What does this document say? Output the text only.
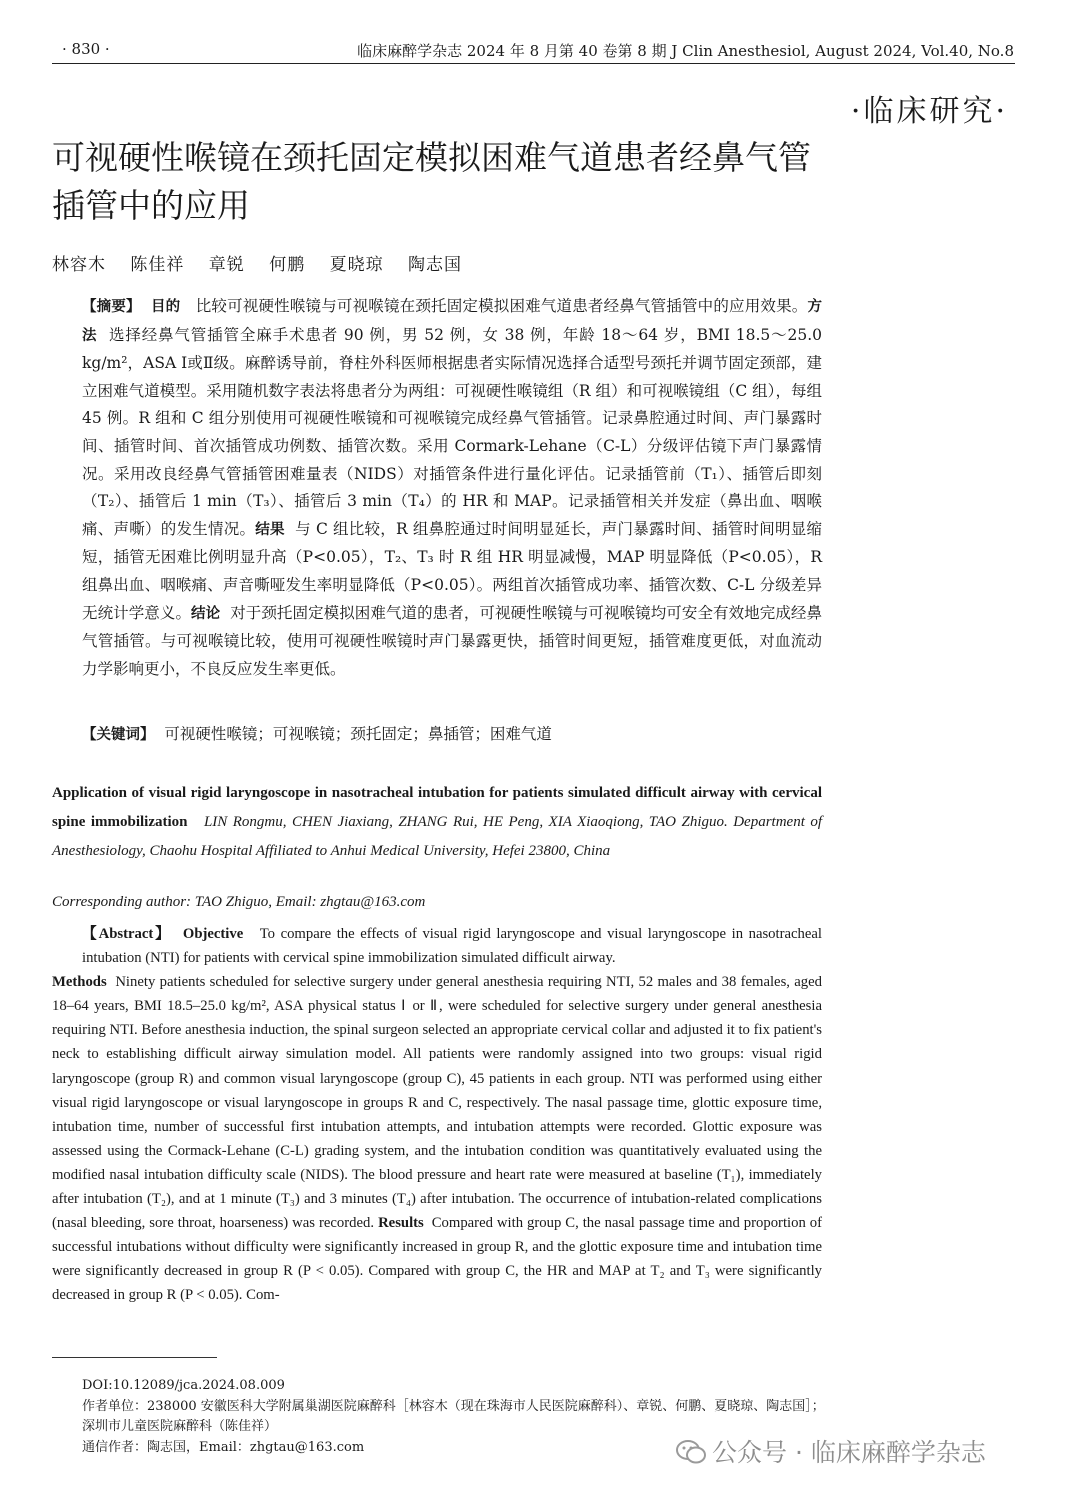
· 830 ·	临床麻醉学杂志 2024 年 8 月第 40 卷第 8 期 J Clin Anesthesiol, August 2024, Vol.40, No.8
·临床研究·
可视硬性喉镜在颈托固定模拟困难气道患者经鼻气管插管中的应用
林容木 陈佳祥 章锐 何鹏 夏晓琼 陶志国
【摘要】 目的 比较可视硬性喉镜与可视喉镜在颈托固定模拟困难气道患者经鼻气管插管中的应用效果。方法 选择经鼻气管插管全麻手术患者 90 例，男 52 例，女 38 例，年龄 18～64 岁，BMI 18.5～25.0 kg/m²，ASA Ⅰ或Ⅱ级。麻醉诱导前，脊柱外科医师根据患者实际情况选择合适型号颈托并调节固定颈部，建立困难气道模型。采用随机数字表法将患者分为两组：可视硬性喉镜组（R 组）和可视喉镜组（C 组），每组 45 例。R 组和 C 组分别使用可视硬性喉镜和可视喉镜完成经鼻气管插管。记录鼻腔通过时间、声门暴露时间、插管时间、首次插管成功例数、插管次数。采用 Cormark-Lehane（C-L）分级评估镜下声门暴露情况。采用改良经鼻气管插管困难量表（NIDS）对插管条件进行量化评估。记录插管前（T₁）、插管后即刻（T₂）、插管后 1 min（T₃）、插管后 3 min（T₄）的 HR 和 MAP。记录插管相关并发症（鼻出血、咽喉痛、声嘶）的发生情况。结果 与 C 组比较，R 组鼻腔通过时间明显延长，声门暴露时间、插管时间明显缩短，插管无困难比例明显升高（P<0.05），T₂、T₃ 时 R 组 HR 明显减慢，MAP 明显降低（P<0.05），R 组鼻出血、咽喉痛、声音嘶哑发生率明显降低（P<0.05）。两组首次插管成功率、插管次数、C-L 分级差异无统计学意义。结论 对于颈托固定模拟困难气道的患者，可视硬性喉镜与可视喉镜均可安全有效地完成经鼻气管插管。与可视喉镜比较，使用可视硬性喉镜时声门暴露更快，插管时间更短，插管难度更低，对血流动力学影响更小，不良反应发生率更低。
【关键词】 可视硬性喉镜；可视喉镜；颈托固定；鼻插管；困难气道
Application of visual rigid laryngoscope in nasotracheal intubation for patients simulated difficult airway with cervical spine immobilization LIN Rongmu, CHEN Jiaxiang, ZHANG Rui, HE Peng, XIA Xiaoqiong, TAO Zhiguo. Department of Anesthesiology, Chaohu Hospital Affiliated to Anhui Medical University, Hefei 23800, China
Corresponding author: TAO Zhiguo, Email: zhgtau@163.com
【Abstract】 Objective To compare the effects of visual rigid laryngoscope and visual laryngoscope in nasotracheal intubation (NTI) for patients with cervical spine immobilization simulated difficult airway.

Methods Ninety patients scheduled for selective surgery under general anesthesia requiring NTI, 52 males and 38 females, aged 18–64 years, BMI 18.5–25.0 kg/m², ASA physical status Ⅰ or Ⅱ, were scheduled for selective surgery under general anesthesia requiring NTI. Before anesthesia induction, the spinal surgeon selected an appropriate cervical collar and adjusted it to fix patient's neck to establishing difficult airway simulation model. All patients were randomly assigned into two groups: visual rigid laryngoscope (group R) and common visual laryngoscope (group C), 45 patients in each group. NTI was performed using either visual rigid laryngoscope or visual laryngoscope in groups R and C, respectively. The nasal passage time, glottic exposure time, intubation time, number of successful first intubation attempts, and intubation attempts were recorded. Glottic exposure was assessed using the Cormack-Lehane (C-L) grading system, and the intubation condition was quantitatively evaluated using the modified nasal intubation difficulty scale (NIDS). The blood pressure and heart rate were measured at baseline (T₁), immediately after intubation (T₂), and at 1 minute (T₃) and 3 minutes (T₄) after intubation. The occurrence of intubation-related complications (nasal bleeding, sore throat, hoarseness) was recorded. Results Compared with group C, the nasal passage time and proportion of successful intubations without difficulty were significantly increased in group R, and the glottic exposure time and intubation time were significantly decreased in group R (P < 0.05). Compared with group C, the HR and MAP at T₂ and T₃ were significantly decreased in group R (P < 0.05). Com-
DOI:10.12089/jca.2024.08.009
作者单位：238000 安徽医科大学附属巢湖医院麻醉科［林容木（现在珠海市人民医院麻醉科）、章锐、何鹏、夏晓琼、陶志国］；深圳市儿童医院麻醉科（陈佳祥）
通信作者：陶志国，Email：zhgtau@163.com	公众号 · 临床麻醉学杂志
